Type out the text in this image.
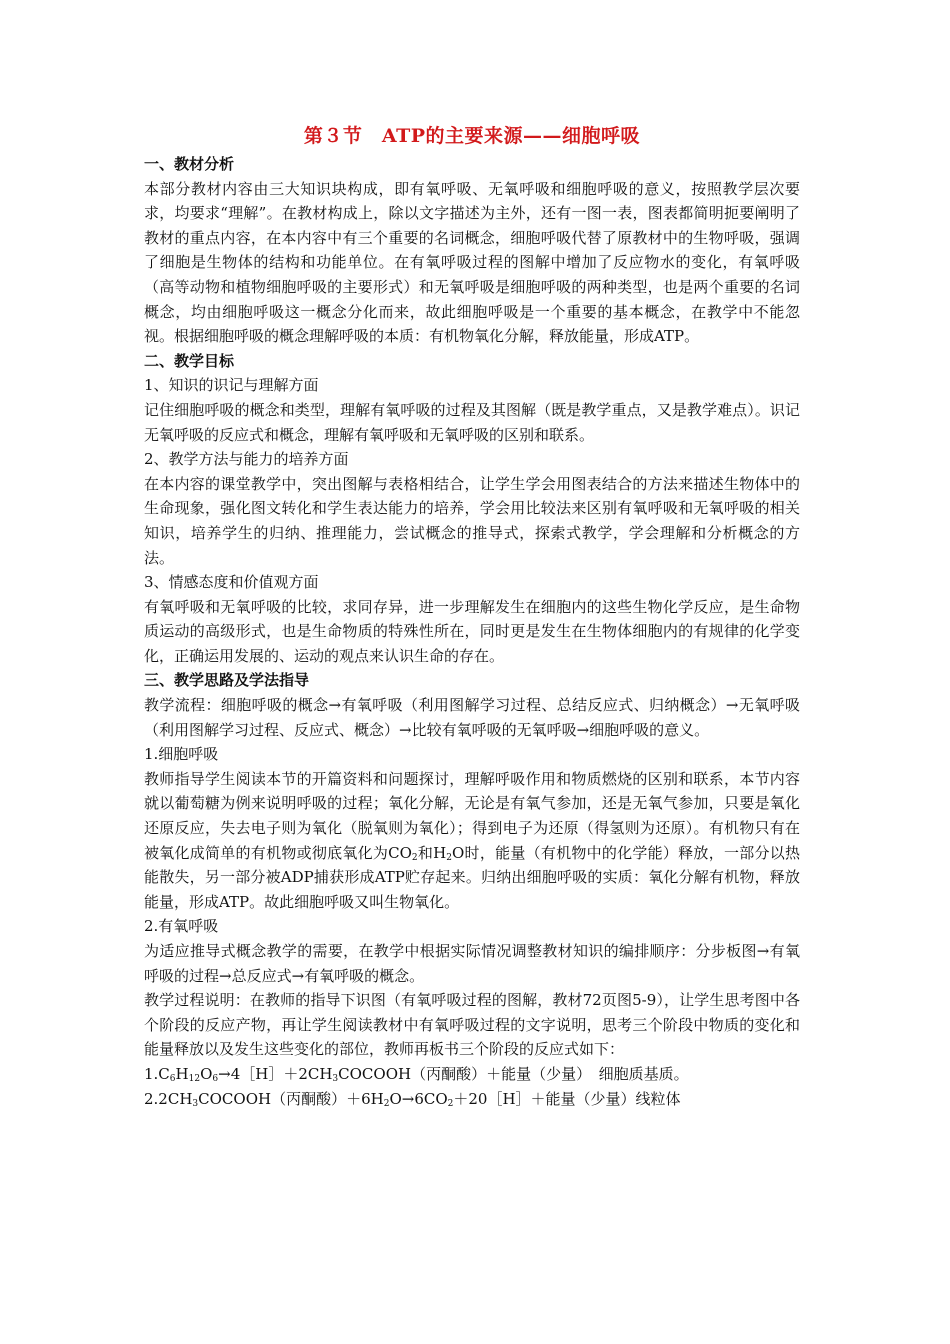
第３节　ATP的主要来源——细胞呼吸

一、教材分析

本部分教材内容由三大知识块构成，即有氧呼吸、无氧呼吸和细胞呼吸的意义，按照教学层次要求，均要求“理解”。在教材构成上，除以文字描述为主外，还有一图一表，图表都简明扼要阐明了教材的重点内容，在本内容中有三个重要的名词概念，细胞呼吸代替了原教材中的生物呼吸，强调了细胞是生物体的结构和功能单位。在有氧呼吸过程的图解中增加了反应物水的变化，有氧呼吸（高等动物和植物细胞呼吸的主要形式）和无氧呼吸是细胞呼吸的两种类型，也是两个重要的名词概念，均由细胞呼吸这一概念分化而来，故此细胞呼吸是一个重要的基本概念，在教学中不能忽视。根据细胞呼吸的概念理解呼吸的本质：有机物氧化分解，释放能量，形成ATP。

二、教学目标

1、知识的识记与理解方面

记住细胞呼吸的概念和类型，理解有氧呼吸的过程及其图解（既是教学重点，又是教学难点）。识记无氧呼吸的反应式和概念，理解有氧呼吸和无氧呼吸的区别和联系。

2、教学方法与能力的培养方面

在本内容的课堂教学中，突出图解与表格相结合，让学生学会用图表结合的方法来描述生物体中的生命现象，强化图文转化和学生表达能力的培养，学会用比较法来区别有氧呼吸和无氧呼吸的相关知识，培养学生的归纳、推理能力，尝试概念的推导式，探索式教学，学会理解和分析概念的方法。

3、情感态度和价值观方面

有氧呼吸和无氧呼吸的比较，求同存异，进一步理解发生在细胞内的这些生物化学反应，是生命物质运动的高级形式，也是生命物质的特殊性所在，同时更是发生在生物体细胞内的有规律的化学变化，正确运用发展的、运动的观点来认识生命的存在。

三、教学思路及学法指导

教学流程：细胞呼吸的概念→有氧呼吸（利用图解学习过程、总结反应式、归纳概念）→无氧呼吸（利用图解学习过程、反应式、概念）→比较有氧呼吸的无氧呼吸→细胞呼吸的意义。

1.细胞呼吸

教师指导学生阅读本节的开篇资料和问题探讨，理解呼吸作用和物质燃烧的区别和联系，本节内容就以葡萄糖为例来说明呼吸的过程；氧化分解，无论是有氧气参加，还是无氧气参加，只要是氧化还原反应，失去电子则为氧化（脱氧则为氧化）；得到电子为还原（得氢则为还原）。有机物只有在被氧化成简单的有机物或彻底氧化为$CO_2$和$H_2O$时，能量（有机物中的化学能）释放，一部分以热能散失，另一部分被ADP捕获形成ATP贮存起来。归纳出细胞呼吸的实质：氧化分解有机物，释放能量，形成ATP。故此细胞呼吸又叫生物氧化。

2.有氧呼吸

为适应推导式概念教学的需要，在教学中根据实际情况调整教材知识的编排顺序：分步板图→有氧呼吸的过程→总反应式→有氧呼吸的概念。

教学过程说明：在教师的指导下识图（有氧呼吸过程的图解，教材72页图5-9），让学生思考图中各个阶段的反应产物，再让学生阅读教材中有氧呼吸过程的文字说明，思考三个阶段中物质的变化和能量释放以及发生这些变化的部位，教师再板书三个阶段的反应式如下：

$1.C_6H_{12}O_6\to 4[H]+2CH_3COCOOH$（丙酮酸）＋能量（少量）　细胞质基质。

$2.2CH_3COCOOH$（丙酮酸）$+6H_2O\to 6CO_2+20[H]+$能量（少量）线粒体
